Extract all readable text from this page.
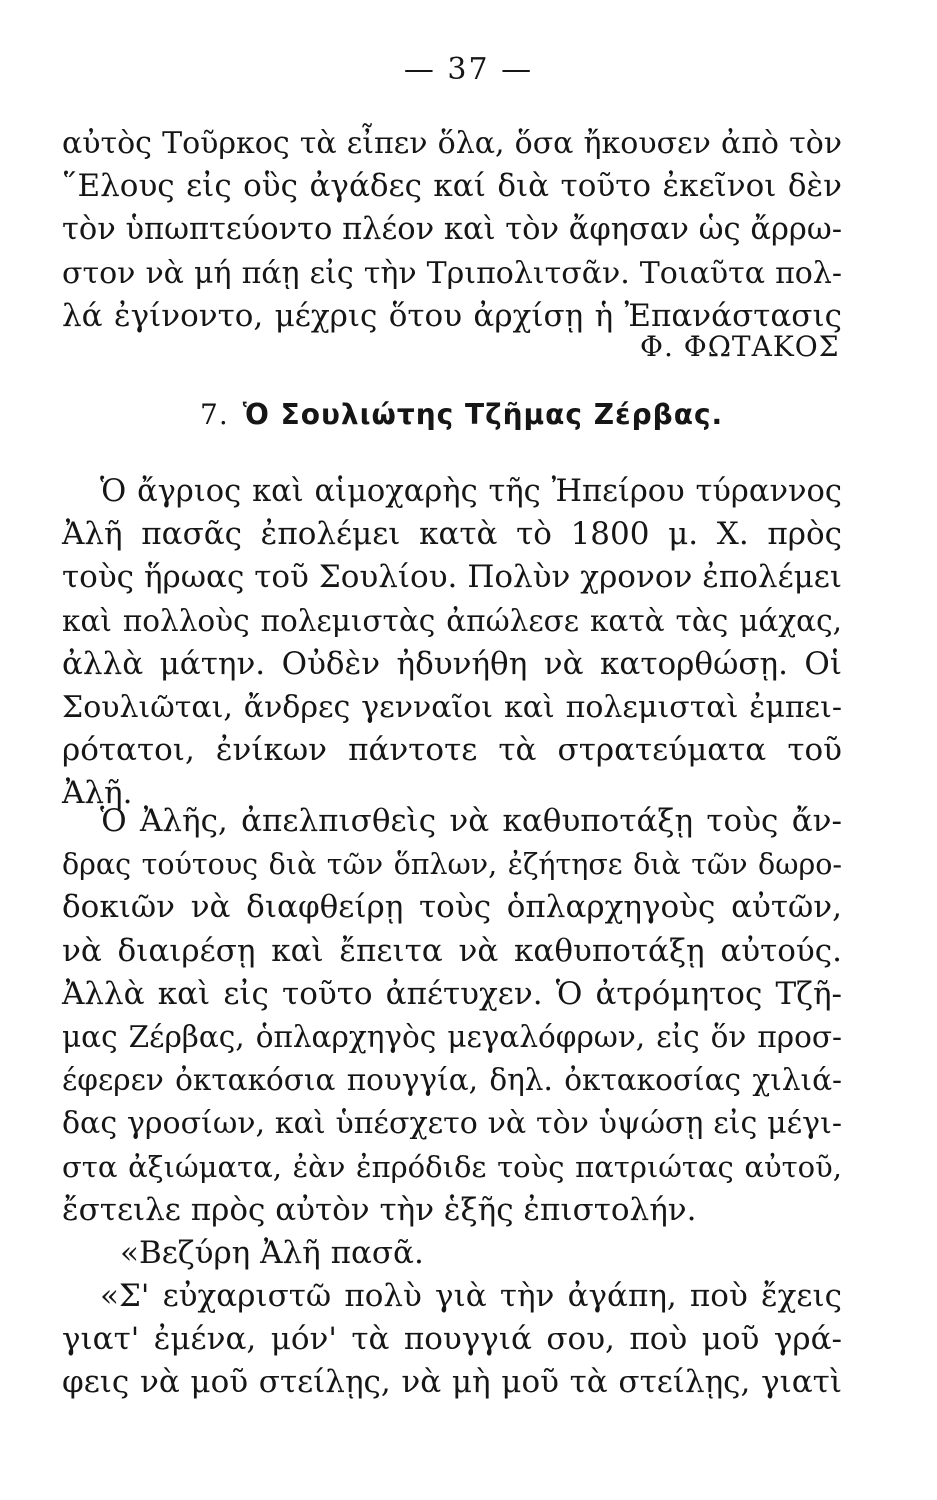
— 37 —
αὐτὸς Τοῦρκος τὰ εἶπεν ὅλα, ὅσα ἤκουσεν ἀπὸ τὸν
῞Ελους εἰς οὓς ἀγάδες καί διὰ τοῦτο ἐκεῖνοι δὲν
τὸν ὑπωπτεύοντο πλέον καὶ τὸν ἄφησαν ὡς ἄρρω-
στον νὰ μή πάῃ εἰς τὴν Τριπολιτσᾶν. Τοιαῦτα πολ-
λά ἐγίνοντο, μέχρις ὅτου ἀρχίσῃ ἡ Ἐπανάστασις
Φ. ΦΩΤΑΚΟΣ
7. Ὁ Σουλιώτης Τζῆμας Ζέρβας.
Ὁ ἄγριος καὶ αἱμοχαρὴς τῆς Ἠπείρου τύραννος
Ἀλῆ πασᾶς ἐπολέμει κατὰ τὸ 1800 μ. Χ. πρὸς
τοὺς ἥρωας τοῦ Σουλίου. Πολὺν χρονον ἐπολέμει
καὶ πολλοὺς πολεμιστὰς ἀπώλεσε κατὰ τὰς μάχας,
ἀλλὰ μάτην. Οὐδὲν ἠδυνήθη νὰ κατορθώσῃ. Οἱ
Σουλιῶται, ἄνδρες γενναῖοι καὶ πολεμισταὶ ἐμπει-
ρότατοι, ἐνίκων πάντοτε τὰ στρατεύματα τοῦ
Ἀλῆ.
Ὁ Ἀλῆς, ἀπελπισθεὶς νὰ καθυποτάξῃ τοὺς ἄν-
δρας τούτους διὰ τῶν ὅπλων, ἐζήτησε διὰ τῶν δωρο-
δοκιῶν νὰ διαφθείρῃ τοὺς ὁπλαρχηγοὺς αὐτῶν,
νὰ διαιρέσῃ καὶ ἔπειτα νὰ καθυποτάξῃ αὐτούς.
Ἀλλὰ καὶ εἰς τοῦτο ἀπέτυχεν. Ὁ ἀτρόμητος Τζῆ-
μας Ζέρβας, ὁπλαρχηγὸς μεγαλόφρων, εἰς ὅν προσ-
έφερεν ὀκτακόσια πουγγία, δηλ. ὀκτακοσίας χιλιά-
δας γροσίων, καὶ ὑπέσχετο νὰ τὸν ὑψώσῃ εἰς μέγι-
στα ἀξιώματα, ἐὰν ἐπρόδιδε τοὺς πατριώτας αὐτοῦ,
ἔστειλε πρὸς αὐτὸν τὴν ἑξῆς ἐπιστολήν.
«Βεζύρη Ἀλῆ πασᾶ.
«Σ' εὐχαριστῶ πολὺ γιὰ τὴν ἀγάπη, ποὺ ἔχεις
γιατ' ἐμένα, μόν' τὰ πουγγιά σου, ποὺ μοῦ γρά-
φεις νὰ μοῦ στείλῃς, νὰ μὴ μοῦ τὰ στείλῃς, γιατὶ
